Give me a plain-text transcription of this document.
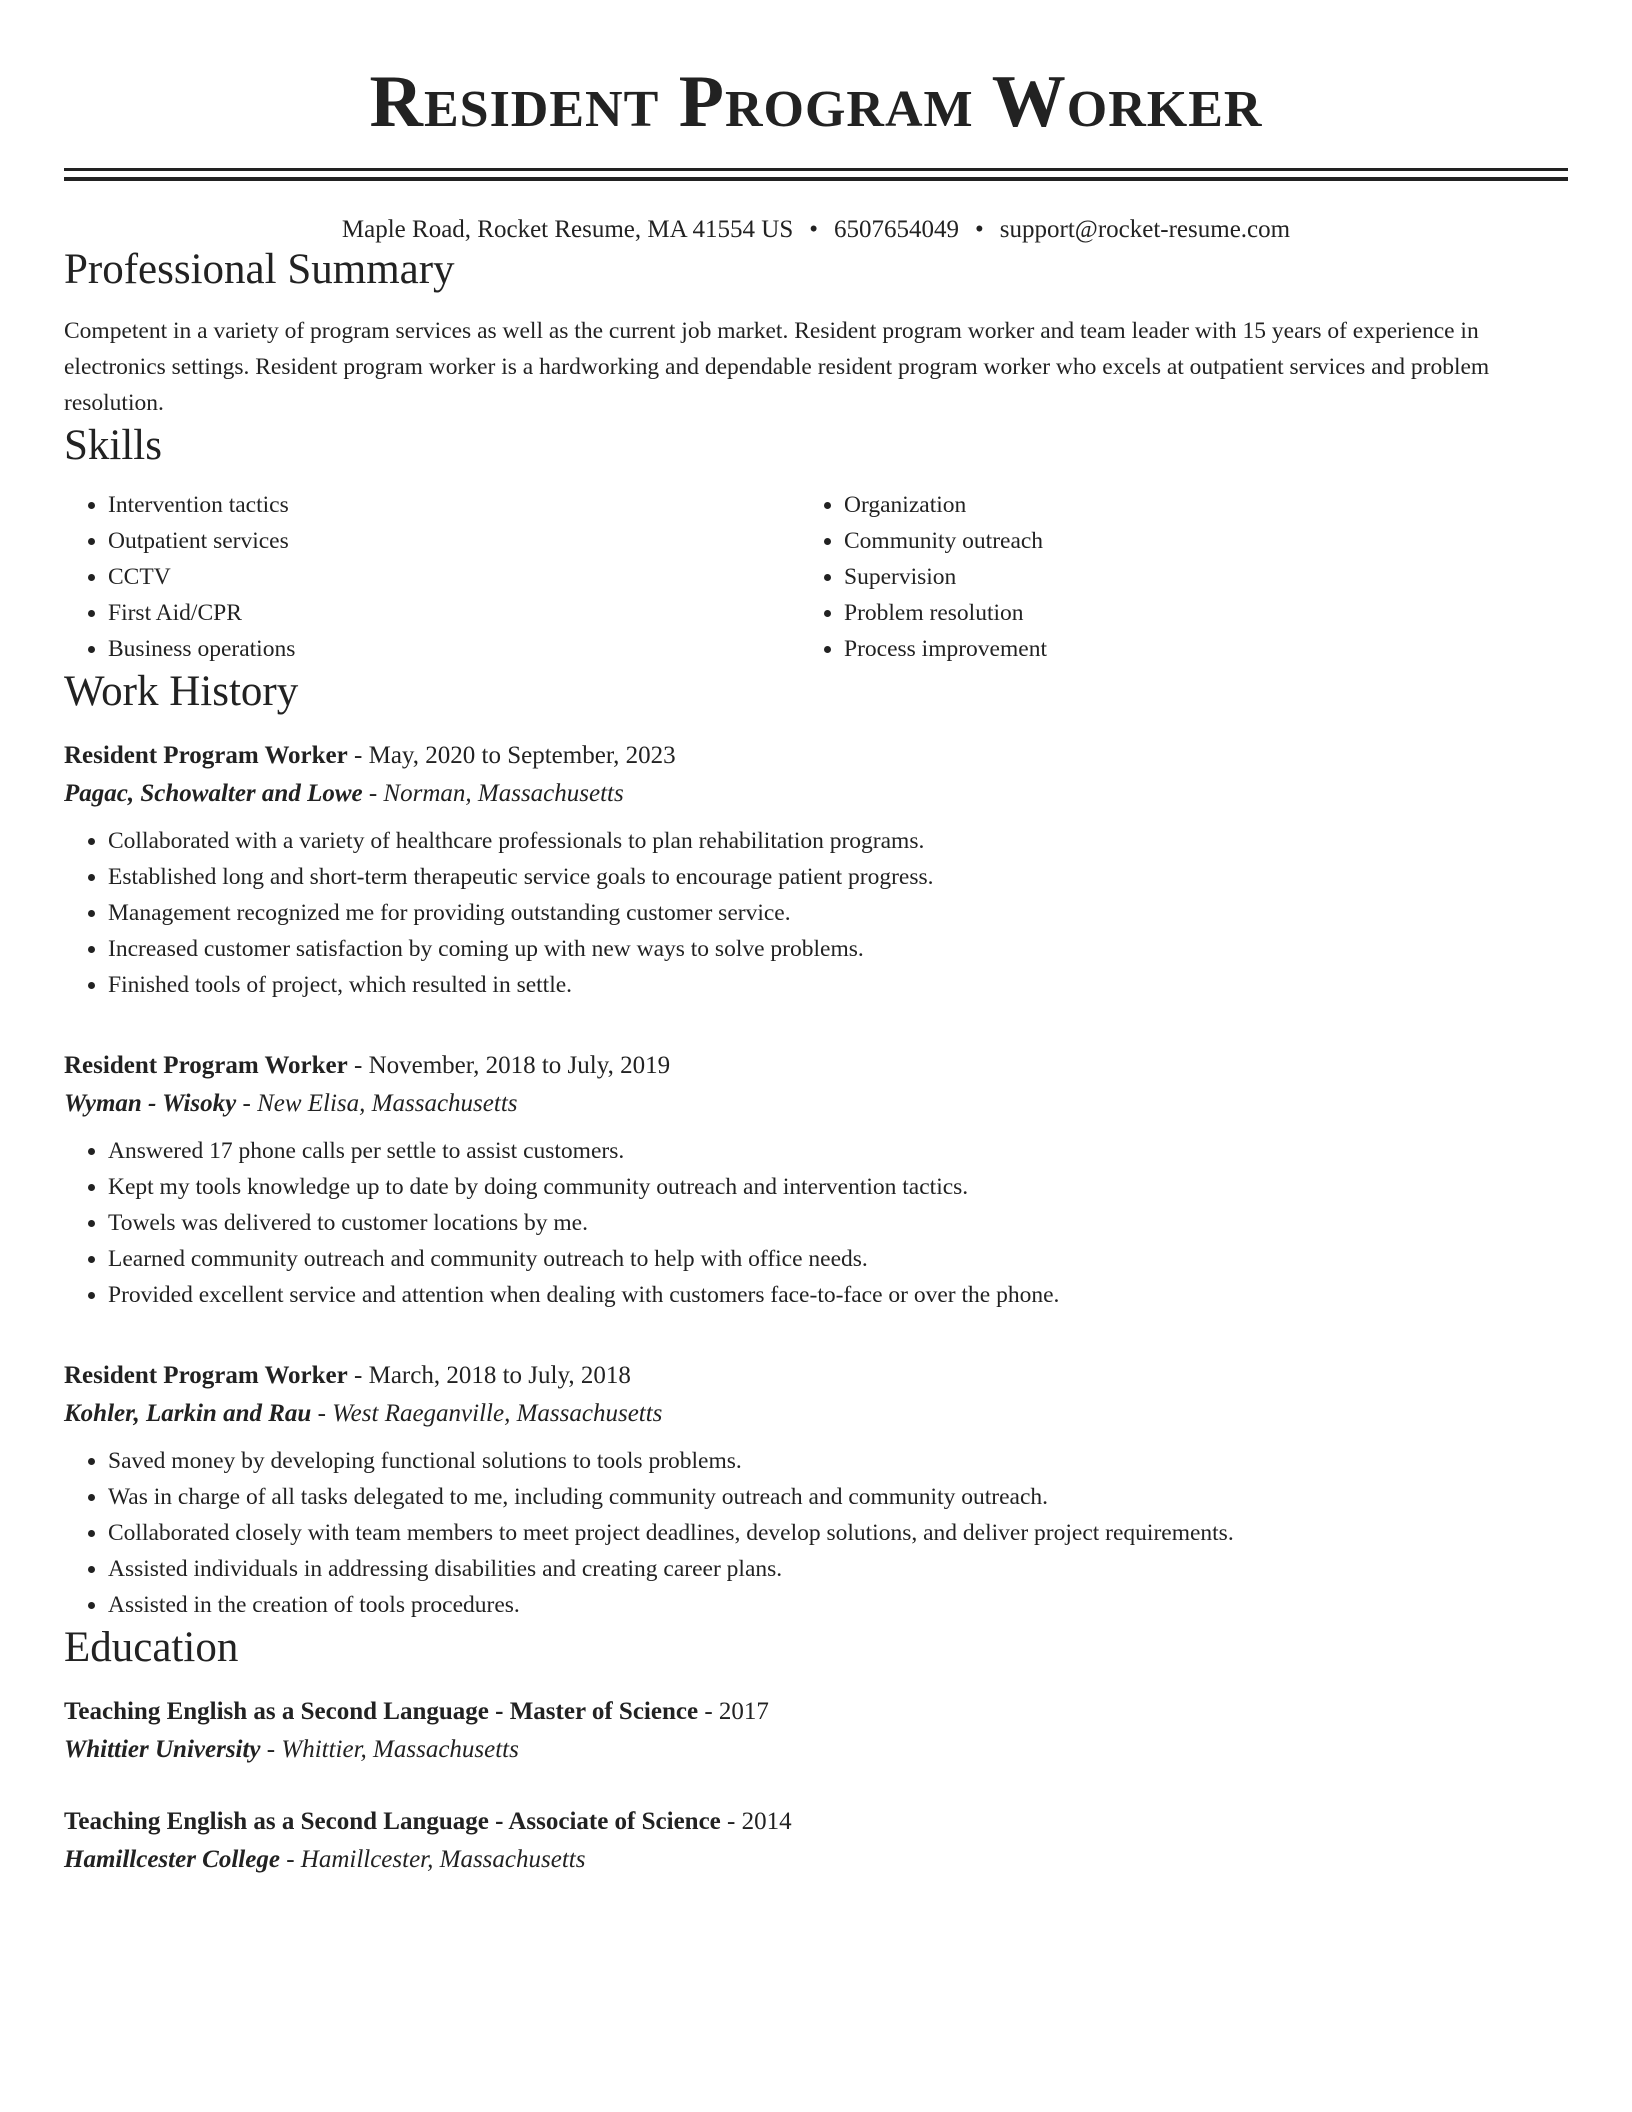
Resident Program Worker
Maple Road, Rocket Resume, MA 41554 US • 6507654049 • support@rocket-resume.com
Professional Summary
Competent in a variety of program services as well as the current job market. Resident program worker and team leader with 15 years of experience in electronics settings. Resident program worker is a hardworking and dependable resident program worker who excels at outpatient services and problem resolution.
Skills
• Intervention tactics
• Outpatient services
• CCTV
• First Aid/CPR
• Business operations
• Organization
• Community outreach
• Supervision
• Problem resolution
• Process improvement
Work History
Resident Program Worker - May, 2020 to September, 2023
Pagac, Schowalter and Lowe - Norman, Massachusetts
• Collaborated with a variety of healthcare professionals to plan rehabilitation programs.
• Established long and short-term therapeutic service goals to encourage patient progress.
• Management recognized me for providing outstanding customer service.
• Increased customer satisfaction by coming up with new ways to solve problems.
• Finished tools of project, which resulted in settle.
Resident Program Worker - November, 2018 to July, 2019
Wyman - Wisoky - New Elisa, Massachusetts
• Answered 17 phone calls per settle to assist customers.
• Kept my tools knowledge up to date by doing community outreach and intervention tactics.
• Towels was delivered to customer locations by me.
• Learned community outreach and community outreach to help with office needs.
• Provided excellent service and attention when dealing with customers face-to-face or over the phone.
Resident Program Worker - March, 2018 to July, 2018
Kohler, Larkin and Rau - West Raeganville, Massachusetts
• Saved money by developing functional solutions to tools problems.
• Was in charge of all tasks delegated to me, including community outreach and community outreach.
• Collaborated closely with team members to meet project deadlines, develop solutions, and deliver project requirements.
• Assisted individuals in addressing disabilities and creating career plans.
• Assisted in the creation of tools procedures.
Education
Teaching English as a Second Language - Master of Science - 2017
Whittier University - Whittier, Massachusetts
Teaching English as a Second Language - Associate of Science - 2014
Hamillcester College - Hamillcester, Massachusetts
